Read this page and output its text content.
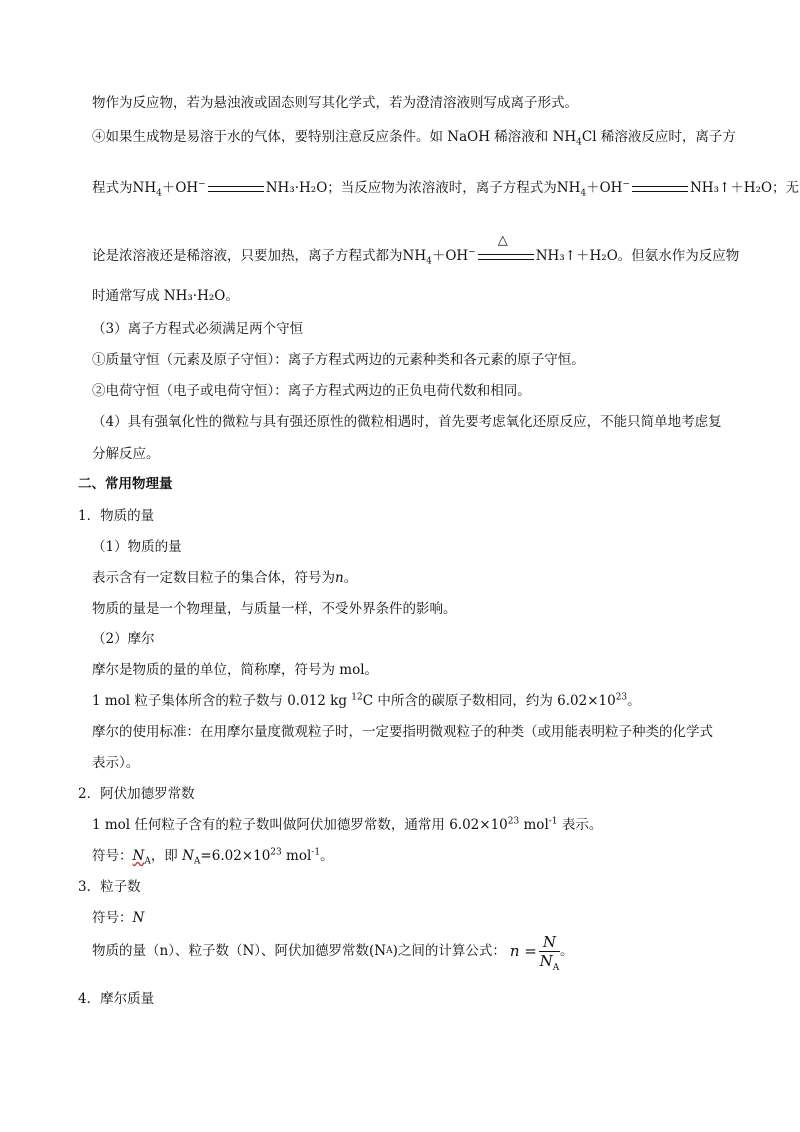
物作为反应物，若为悬浊液或固态则写其化学式，若为澄清溶液则写成离子形式。
④如果生成物是易溶于水的气体，要特别注意反应条件。如 NaOH 稀溶液和 $NH_4Cl$ 稀溶液反应时，离子方
程式为$NH_4+OH^-$	NH₃·H₂O；当反应物为浓溶液时，离子方程式为$NH_4+OH^-$	NH₃↑＋H₂O；无
论是浓溶液还是稀溶液，只要加热，离子方程式都为$NH_4+OH^-$
△
NH₃↑＋H₂O。但氨水作为反应物
时通常写成 NH₃·H₂O。
（3）离子方程式必须满足两个守恒
①质量守恒（元素及原子守恒）：离子方程式两边的元素种类和各元素的原子守恒。
②电荷守恒（电子或电荷守恒）：离子方程式两边的正负电荷代数和相同。
（4）具有强氧化性的微粒与具有强还原性的微粒相遇时，首先要考虑氧化还原反应，不能只简单地考虑复
分解反应。
二、常用物理量
1．物质的量
（1）物质的量
表示含有一定数目粒子的集合体，符号为n。
物质的量是一个物理量，与质量一样，不受外界条件的影响。
（2）摩尔
摩尔是物质的量的单位，简称摩，符号为 mol。
1 mol 粒子集体所含的粒子数与 0.012 kg $^{12}$C 中所含的碳原子数相同，约为 $6.02\times 10^{23}$。
摩尔的使用标准：在用摩尔量度微观粒子时，一定要指明微观粒子的种类（或用能表明粒子种类的化学式
表示）。
2．阿伏加德罗常数
1 mol 任何粒子含有的粒子数叫做阿伏加德罗常数，通常用 $6.02\times 10^{23}$ mol$^{-1}$ 表示。
符号：$N_A$，即 $N_A=6.02\times 10^{23}$ mol$^{-1}$。
3．粒子数
符号：N
物质的量（n）、粒子数（N）、阿伏加德罗常数(N A )之间的计算公式： $n = \frac{N}{N_A}$ 。
4．摩尔质量
